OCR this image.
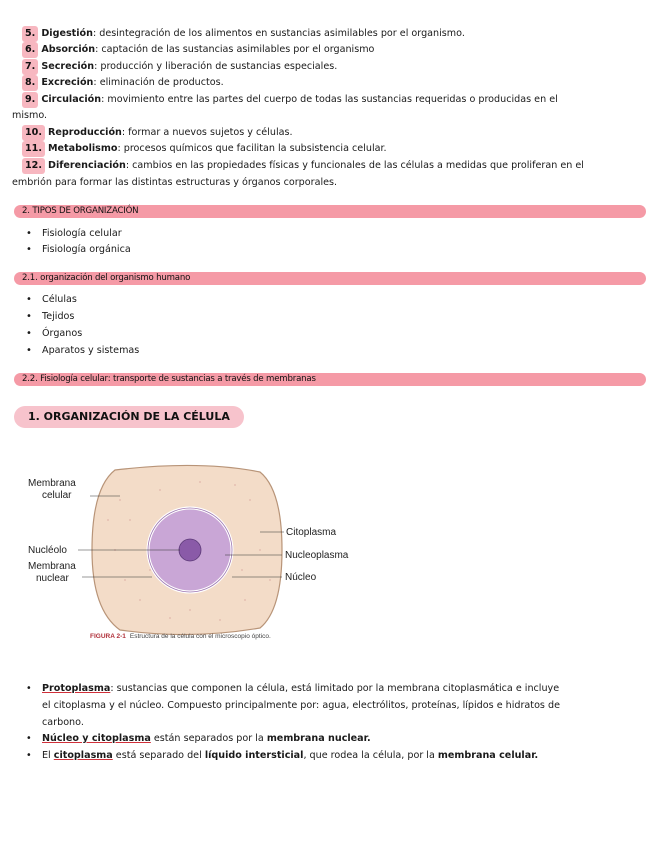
5. Digestión: desintegración de los alimentos en sustancias asimilables por el organismo.
6. Absorción: captación de las sustancias asimilables por el organismo
7. Secreción: producción y liberación de sustancias especiales.
8. Excreción: eliminación de productos.
9. Circulación: movimiento entre las partes del cuerpo de todas las sustancias requeridas o producidas en el
mismo.
10. Reproducción: formar a nuevos sujetos y células.
11. Metabolismo: procesos químicos que facilitan la subsistencia celular.
12. Diferenciación: cambios en las propiedades físicas y funcionales de las células a medidas que proliferan en el
embrión para formar las distintas estructuras y órganos corporales.
2. TIPOS DE ORGANIZACIÓN
• Fisiología celular
• Fisiología orgánica
2.1. organización del organismo humano
• Células
• Tejidos
• Órganos
• Aparatos y sistemas
2.2. Fisiología celular: transporte de sustancias a través de membranas
1. ORGANIZACIÓN DE LA CÉLULA
Membrana
celular
Nucléolo
Membrana
nuclear
Citoplasma
Nucleoplasma
Núcleo
FIGURA 2-1 Estructura de la célula con el microscopio óptico.
• Protoplasma: sustancias que componen la célula, está limitado por la membrana citoplasmática e incluye
el citoplasma y el núcleo. Compuesto principalmente por: agua, electrólitos, proteínas, lípidos e hidratos de
carbono.
• Núcleo y citoplasma están separados por la membrana nuclear.
• El citoplasma está separado del líquido intersticial, que rodea la célula, por la membrana celular.
